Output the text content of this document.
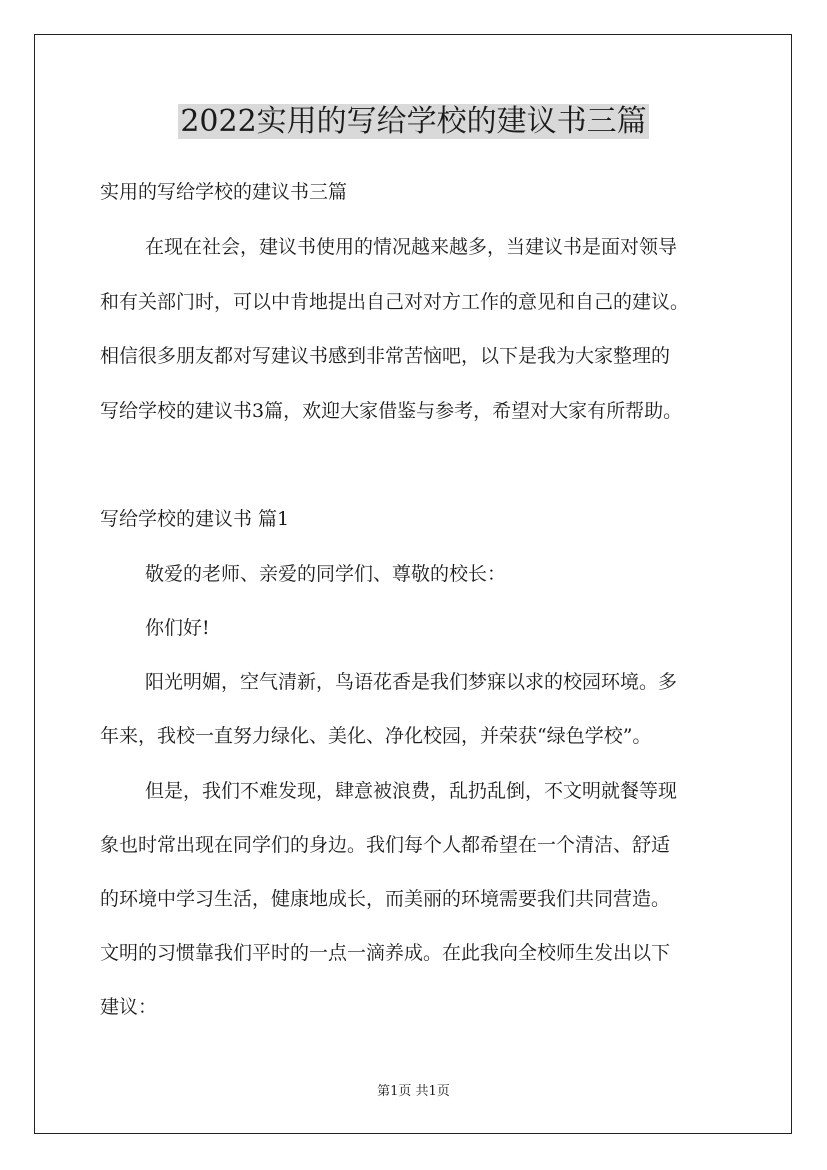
2022实用的写给学校的建议书三篇
实用的写给学校的建议书三篇
在现在社会，建议书使用的情况越来越多，当建议书是面对领导
和有关部门时，可以中肯地提出自己对对方工作的意见和自己的建议。
相信很多朋友都对写建议书感到非常苦恼吧，以下是我为大家整理的
写给学校的建议书3篇，欢迎大家借鉴与参考，希望对大家有所帮助。
写给学校的建议书 篇1
敬爱的老师、亲爱的同学们、尊敬的校长：
你们好!
阳光明媚，空气清新，鸟语花香是我们梦寐以求的校园环境。多
年来，我校一直努力绿化、美化、净化校园，并荣获“绿色学校”。
但是，我们不难发现，肆意被浪费，乱扔乱倒，不文明就餐等现
象也时常出现在同学们的身边。我们每个人都希望在一个清洁、舒适
的环境中学习生活，健康地成长，而美丽的环境需要我们共同营造。
文明的习惯靠我们平时的一点一滴养成。在此我向全校师生发出以下
建议：
第1页 共1页
